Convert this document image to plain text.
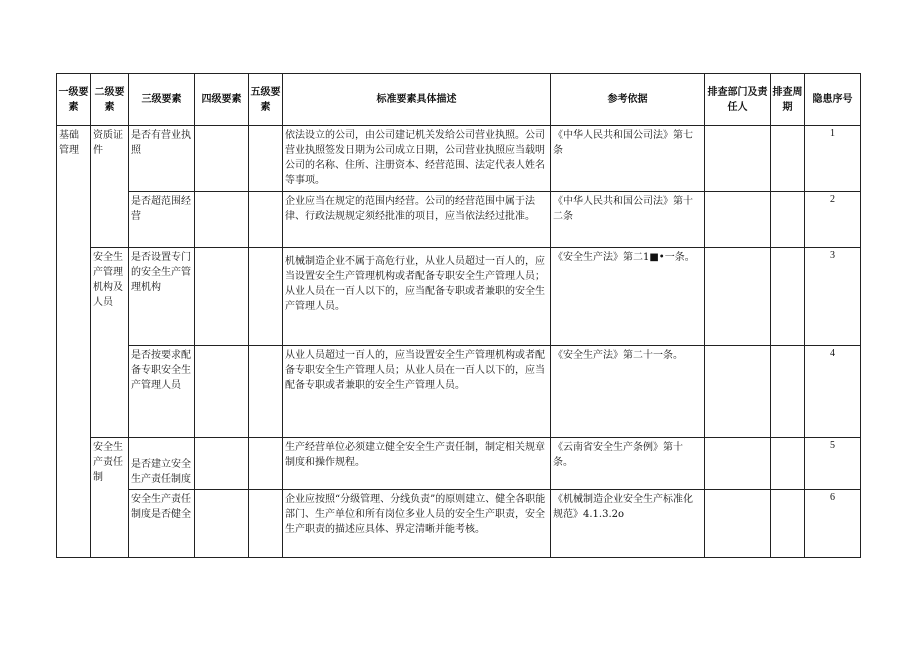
一级要素	二级要素	三级要素	四级要素	五级要素	标准要素具体描述	参考依据	排查部门及责任人	排查周期	隐患序号

基础管理	资质证件	是否有营业执照			依法设立的公司，由公司建记机关发给公司营业执照。公司营业执照签发日期为公司成立日期，公司营业执照应当载明公司的名称、住所、注册资本、经营范围、法定代表人姓名等事项。	《中华人民共和国公司法》第七条			1

		是否超范围经营			企业应当在规定的范围内经营。公司的经营范围中属于法律、行政法规规定须经批准的项目，应当依法经过批准。	《中华人民共和国公司法》第十二条			2

	安全生产管理机构及人员	是否设置专门的安全生产管理机构			机械制造企业不属于高危行业，从业人员超过一百人的，应当设置安全生产管理机构或者配备专职安全生产管理人员；从业人员在一百人以下的，应当配备专职或者兼职的安全生产管理人员。	《安全生产法》第二1■•一条。			3

		是否按要求配备专职安全生产管理人员			从业人员超过一百人的，应当设置安全生产管理机构或者配备专职安全生产管理人员；从业人员在一百人以下的，应当配备专职或者兼职的安全生产管理人员。	《安全生产法》第二十一条。			4

	安全生产责任制	是否建立安全生产责任制度			生产经营单位必须建立健全安全生产责任制，制定相关规章制度和操作规程。	《云南省安全生产条例》第十条。			5

		安全生产责任制度是否健全			企业应按照“分级管理、分线负责”的原则建立、健全各职能部门、生产单位和所有岗位多业人员的安全生产职责，安全生产职责的描述应具体、界定清晰并能考核。	《机械制造企业安全生产标准化规范》4.1.3.2o			6
